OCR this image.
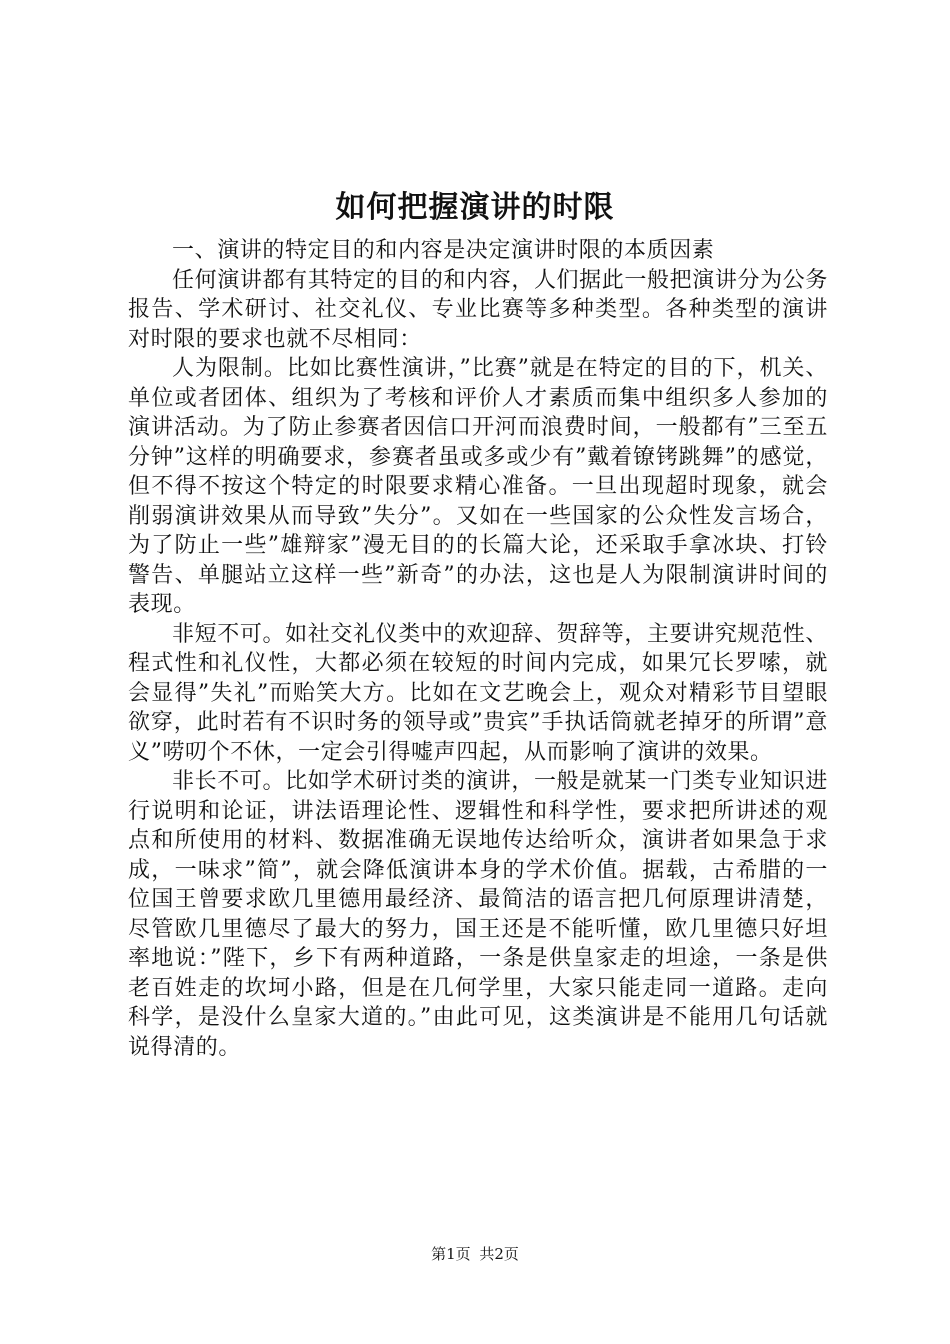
如何把握演讲的时限

一、演讲的特定目的和内容是决定演讲时限的本质因素

任何演讲都有其特定的目的和内容，人们据此一般把演讲分为公务报告、学术研讨、社交礼仪、专业比赛等多种类型。各种类型的演讲对时限的要求也就不尽相同：

人为限制。比如比赛性演讲，”比赛”就是在特定的目的下，机关、单位或者团体、组织为了考核和评价人才素质而集中组织多人参加的演讲活动。为了防止参赛者因信口开河而浪费时间，一般都有”三至五分钟”这样的明确要求，参赛者虽或多或少有”戴着镣铐跳舞”的感觉，但不得不按这个特定的时限要求精心准备。一旦出现超时现象，就会削弱演讲效果从而导致”失分”。又如在一些国家的公众性发言场合，为了防止一些”雄辩家”漫无目的的长篇大论，还采取手拿冰块、打铃警告、单腿站立这样一些”新奇”的办法，这也是人为限制演讲时间的表现。

非短不可。如社交礼仪类中的欢迎辞、贺辞等，主要讲究规范性、程式性和礼仪性，大都必须在较短的时间内完成，如果冗长罗嗦，就会显得”失礼”而贻笑大方。比如在文艺晚会上，观众对精彩节目望眼欲穿，此时若有不识时务的领导或”贵宾”手执话筒就老掉牙的所谓”意义”唠叨个不休，一定会引得嘘声四起，从而影响了演讲的效果。

非长不可。比如学术研讨类的演讲，一般是就某一门类专业知识进行说明和论证，讲法语理论性、逻辑性和科学性，要求把所讲述的观点和所使用的材料、数据准确无误地传达给听众，演讲者如果急于求成，一味求”简”，就会降低演讲本身的学术价值。据载，古希腊的一位国王曾要求欧几里德用最经济、最简洁的语言把几何原理讲清楚，尽管欧几里德尽了最大的努力，国王还是不能听懂，欧几里德只好坦率地说：”陛下，乡下有两种道路，一条是供皇家走的坦途，一条是供老百姓走的坎坷小路，但是在几何学里，大家只能走同一道路。走向科学，是没什么皇家大道的。”由此可见，这类演讲是不能用几句话就说得清的。

第1页 共2页
